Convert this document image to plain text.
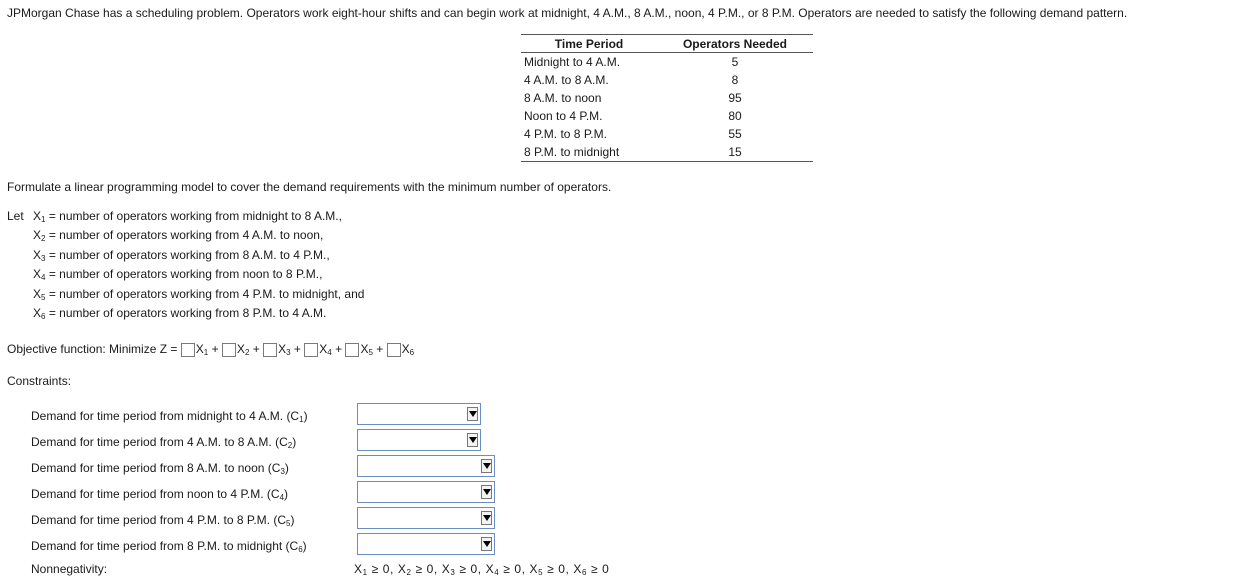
JPMorgan Chase has a scheduling problem. Operators work eight-hour shifts and can begin work at midnight, 4 A.M., 8 A.M., noon, 4 P.M., or 8 P.M. Operators are needed to satisfy the following demand pattern.
Time Period	Operators Needed
Midnight to 4 A.M.	5
4 A.M. to 8 A.M.	8
8 A.M. to noon	95
Noon to 4 P.M.	80
4 P.M. to 8 P.M.	55
8 P.M. to midnight	15
Formulate a linear programming model to cover the demand requirements with the minimum number of operators.
Let $X_1$ = number of operators working from midnight to 8 A.M.,
$X_2$ = number of operators working from 4 A.M. to noon,
$X_3$ = number of operators working from 8 A.M. to 4 P.M.,
$X_4$ = number of operators working from noon to 8 P.M.,
$X_5$ = number of operators working from 4 P.M. to midnight, and
$X_6$ = number of operators working from 8 P.M. to 4 A.M.
Objective function: Minimize $Z = X_1 + X_2 + X_3 + X_4 + X_5 + X_6$
Constraints:
Demand for time period from midnight to 4 A.M. $(C_1)$
Demand for time period from 4 A.M. to 8 A.M. $(C_2)$
Demand for time period from 8 A.M. to noon $(C_3)$
Demand for time period from noon to 4 P.M. $(C_4)$
Demand for time period from 4 P.M. to 8 P.M. $(C_5)$
Demand for time period from 8 P.M. to midnight $(C_6)$
Nonnegativity:	$X_1 \ge 0$, $X_2 \ge 0$, $X_3 \ge 0$, $X_4 \ge 0$, $X_5 \ge 0$, $X_6 \ge 0$
